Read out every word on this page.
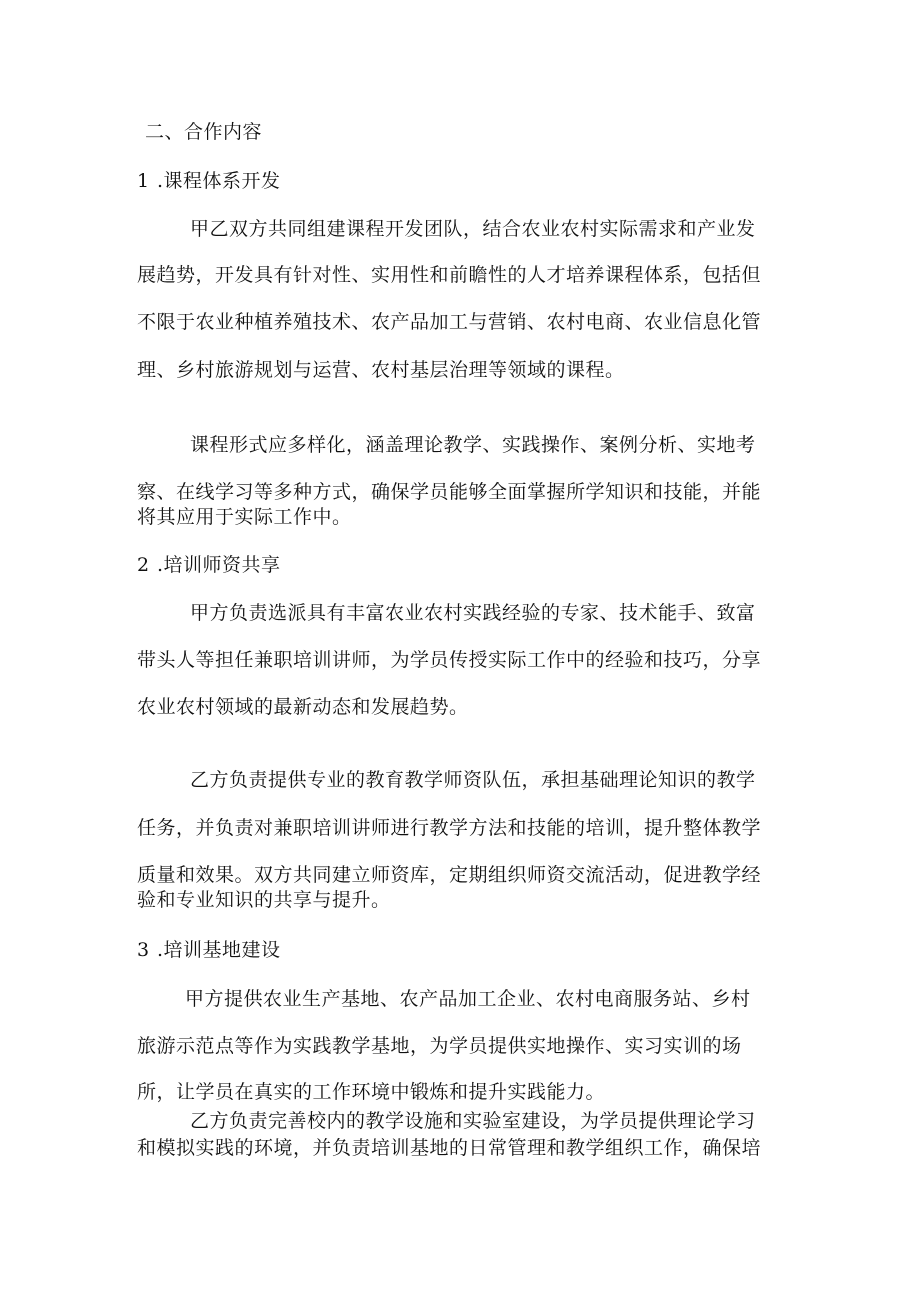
二、合作内容
1 .课程体系开发
甲乙双方共同组建课程开发团队，结合农业农村实际需求和产业发
展趋势，开发具有针对性、实用性和前瞻性的人才培养课程体系，包括但
不限于农业种植养殖技术、农产品加工与营销、农村电商、农业信息化管
理、乡村旅游规划与运营、农村基层治理等领域的课程。
课程形式应多样化，涵盖理论教学、实践操作、案例分析、实地考
察、在线学习等多种方式，确保学员能够全面掌握所学知识和技能，并能
将其应用于实际工作中。
2 .培训师资共享
甲方负责选派具有丰富农业农村实践经验的专家、技术能手、致富
带头人等担任兼职培训讲师，为学员传授实际工作中的经验和技巧，分享
农业农村领域的最新动态和发展趋势。
乙方负责提供专业的教育教学师资队伍，承担基础理论知识的教学
任务，并负责对兼职培训讲师进行教学方法和技能的培训，提升整体教学
质量和效果。双方共同建立师资库，定期组织师资交流活动，促进教学经
验和专业知识的共享与提升。
3 .培训基地建设
甲方提供农业生产基地、农产品加工企业、农村电商服务站、乡村
旅游示范点等作为实践教学基地，为学员提供实地操作、实习实训的场
所，让学员在真实的工作环境中锻炼和提升实践能力。
乙方负责完善校内的教学设施和实验室建设，为学员提供理论学习
和模拟实践的环境，并负责培训基地的日常管理和教学组织工作，确保培
